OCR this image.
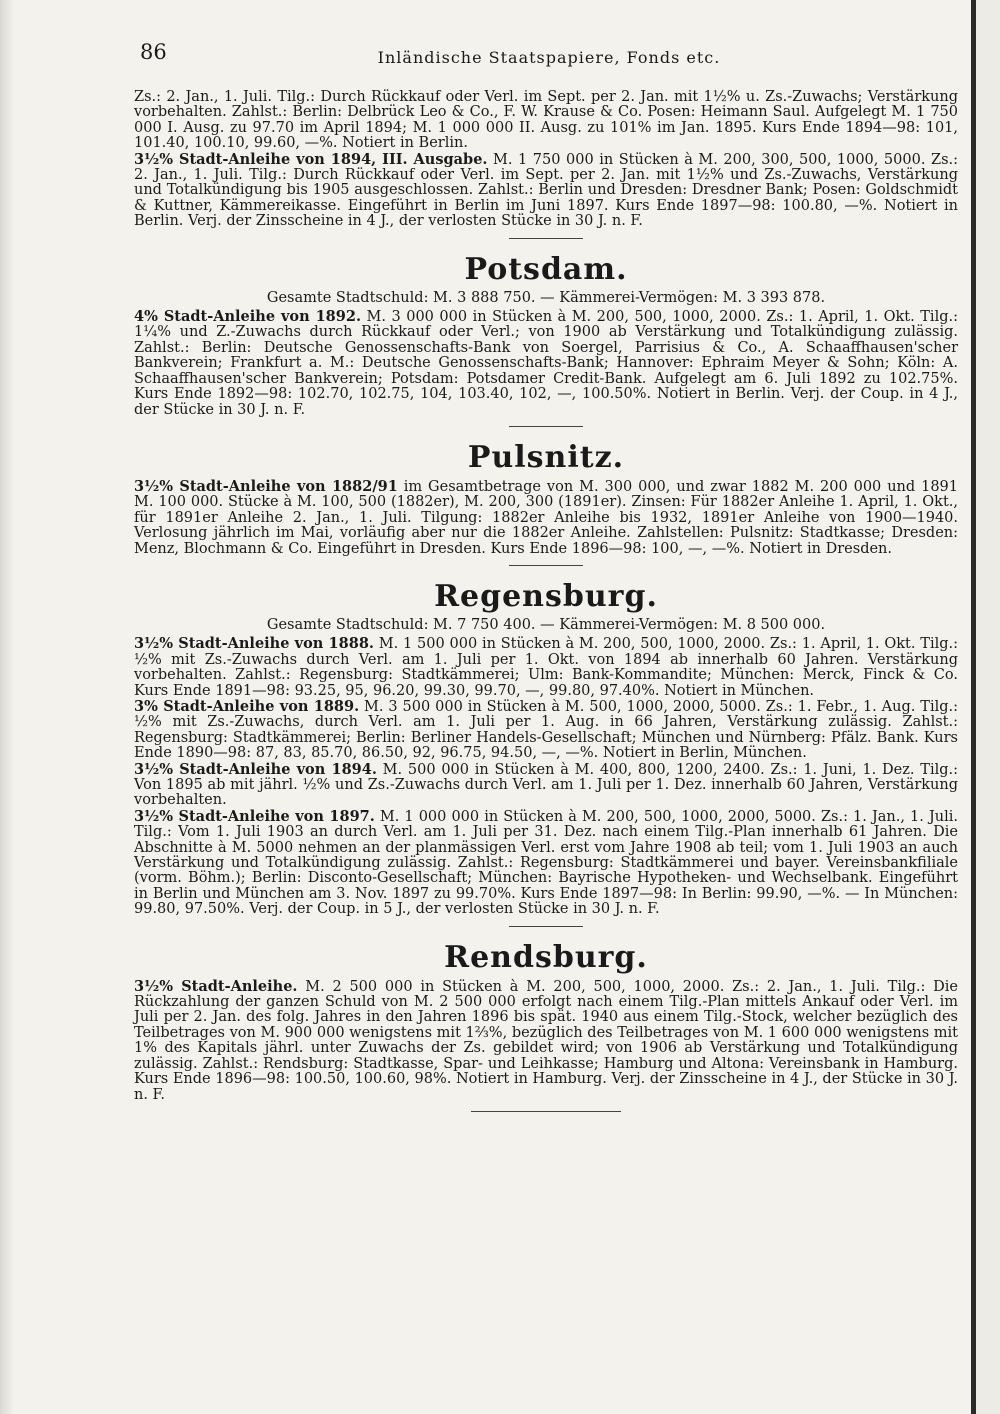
86	Inländische Staatspapiere, Fonds etc.

Zs.: 2. Jan., 1. Juli. Tilg.: Durch Rückkauf oder Verl. im Sept. per 2. Jan. mit 1½% u. Zs.-Zuwachs; Verstärkung vorbehalten. Zahlst.: Berlin: Delbrück Leo & Co., F. W. Krause & Co. Posen: Heimann Saul. Aufgelegt M. 1 750 000 I. Ausg. zu 97.70 im April 1894; M. 1 000 000 II. Ausg. zu 101% im Jan. 1895. Kurs Ende 1894—98: 101, 101.40, 100.10, 99.60, —%. Notiert in Berlin.

3½% Stadt-Anleihe von 1894, III. Ausgabe. M. 1 750 000 in Stücken à M. 200, 300, 500, 1000, 5000. Zs.: 2. Jan., 1. Juli. Tilg.: Durch Rückkauf oder Verl. im Sept. per 2. Jan. mit 1½% und Zs.-Zuwachs, Verstärkung und Totalkündigung bis 1905 ausgeschlossen. Zahlst.: Berlin und Dresden: Dresdner Bank; Posen: Goldschmidt & Kuttner, Kämmereikasse. Eingeführt in Berlin im Juni 1897. Kurs Ende 1897—98: 100.80, —%. Notiert in Berlin. Verj. der Zinsscheine in 4 J., der verlosten Stücke in 30 J. n. F.

Potsdam.
Gesamte Stadtschuld: M. 3 888 750. — Kämmerei-Vermögen: M. 3 393 878.

4% Stadt-Anleihe von 1892. M. 3 000 000 in Stücken à M. 200, 500, 1000, 2000. Zs.: 1. April, 1. Okt. Tilg.: 1¼% und Z.-Zuwachs durch Rückkauf oder Verl.; von 1900 ab Verstärkung und Totalkündigung zulässig. Zahlst.: Berlin: Deutsche Genossenschafts-Bank von Soergel, Parrisius & Co., A. Schaaffhausen'scher Bankverein; Frankfurt a. M.: Deutsche Genossenschafts-Bank; Hannover: Ephraim Meyer & Sohn; Köln: A. Schaaffhausen'scher Bankverein; Potsdam: Potsdamer Credit-Bank. Aufgelegt am 6. Juli 1892 zu 102.75%. Kurs Ende 1892—98: 102.70, 102.75, 104, 103.40, 102, —, 100.50%. Notiert in Berlin. Verj. der Coup. in 4 J., der Stücke in 30 J. n. F.

Pulsnitz.

3½% Stadt-Anleihe von 1882/91 im Gesamtbetrage von M. 300 000, und zwar 1882 M. 200 000 und 1891 M. 100 000. Stücke à M. 100, 500 (1882er), M. 200, 300 (1891er). Zinsen: Für 1882er Anleihe 1. April, 1. Okt., für 1891er Anleihe 2. Jan., 1. Juli. Tilgung: 1882er Anleihe bis 1932, 1891er Anleihe von 1900—1940. Verlosung jährlich im Mai, vorläufig aber nur die 1882er Anleihe. Zahlstellen: Pulsnitz: Stadtkasse; Dresden: Menz, Blochmann & Co. Eingeführt in Dresden. Kurs Ende 1896—98: 100, —, —%. Notiert in Dresden.

Regensburg.
Gesamte Stadtschuld: M. 7 750 400. — Kämmerei-Vermögen: M. 8 500 000.

3½% Stadt-Anleihe von 1888. M. 1 500 000 in Stücken à M. 200, 500, 1000, 2000. Zs.: 1. April, 1. Okt. Tilg.: ½% mit Zs.-Zuwachs durch Verl. am 1. Juli per 1. Okt. von 1894 ab innerhalb 60 Jahren. Verstärkung vorbehalten. Zahlst.: Regensburg: Stadtkämmerei; Ulm: Bank-Kommandite; München: Merck, Finck & Co. Kurs Ende 1891—98: 93.25, 95, 96.20, 99.30, 99.70, —, 99.80, 97.40%. Notiert in München.

3% Stadt-Anleihe von 1889. M. 3 500 000 in Stücken à M. 500, 1000, 2000, 5000. Zs.: 1. Febr., 1. Aug. Tilg.: ½% mit Zs.-Zuwachs, durch Verl. am 1. Juli per 1. Aug. in 66 Jahren, Verstärkung zulässig. Zahlst.: Regensburg: Stadtkämmerei; Berlin: Berliner Handels-Gesellschaft; München und Nürnberg: Pfälz. Bank. Kurs Ende 1890—98: 87, 83, 85.70, 86.50, 92, 96.75, 94.50, —, —%. Notiert in Berlin, München.

3½% Stadt-Anleihe von 1894. M. 500 000 in Stücken à M. 400, 800, 1200, 2400. Zs.: 1. Juni, 1. Dez. Tilg.: Von 1895 ab mit jährl. ½% und Zs.-Zuwachs durch Verl. am 1. Juli per 1. Dez. innerhalb 60 Jahren, Verstärkung vorbehalten.

3½% Stadt-Anleihe von 1897. M. 1 000 000 in Stücken à M. 200, 500, 1000, 2000, 5000. Zs.: 1. Jan., 1. Juli. Tilg.: Vom 1. Juli 1903 an durch Verl. am 1. Juli per 31. Dez. nach einem Tilg.-Plan innerhalb 61 Jahren. Die Abschnitte à M. 5000 nehmen an der planmässigen Verl. erst vom Jahre 1908 ab teil; vom 1. Juli 1903 an auch Verstärkung und Totalkündigung zulässig. Zahlst.: Regensburg: Stadtkämmerei und bayer. Vereinsbankfiliale (vorm. Böhm.); Berlin: Disconto-Gesellschaft; München: Bayrische Hypotheken- und Wechselbank. Eingeführt in Berlin und München am 3. Nov. 1897 zu 99.70%. Kurs Ende 1897—98: In Berlin: 99.90, —%. — In München: 99.80, 97.50%. Verj. der Coup. in 5 J., der verlosten Stücke in 30 J. n. F.

Rendsburg.

3½% Stadt-Anleihe. M. 2 500 000 in Stücken à M. 200, 500, 1000, 2000. Zs.: 2. Jan., 1. Juli. Tilg.: Die Rückzahlung der ganzen Schuld von M. 2 500 000 erfolgt nach einem Tilg.-Plan mittels Ankauf oder Verl. im Juli per 2. Jan. des folg. Jahres in den Jahren 1896 bis spät. 1940 aus einem Tilg.-Stock, welcher bezüglich des Teilbetrages von M. 900 000 wenigstens mit 1⅔%, bezüglich des Teilbetrages von M. 1 600 000 wenigstens mit 1% des Kapitals jährl. unter Zuwachs der Zs. gebildet wird; von 1906 ab Verstärkung und Totalkündigung zulässig. Zahlst.: Rendsburg: Stadtkasse, Spar- und Leihkasse; Hamburg und Altona: Vereinsbank in Hamburg. Kurs Ende 1896—98: 100.50, 100.60, 98%. Notiert in Hamburg. Verj. der Zinsscheine in 4 J., der Stücke in 30 J. n. F.
